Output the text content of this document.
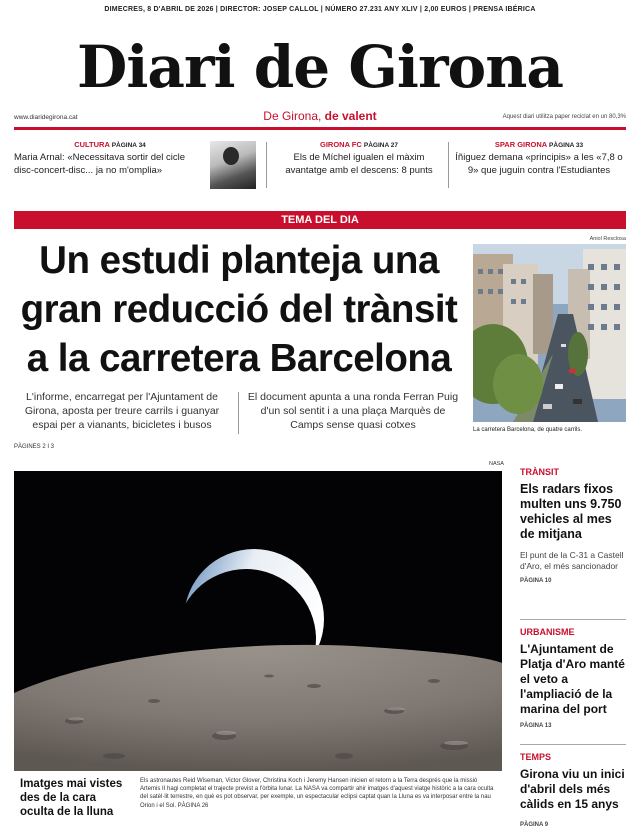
DIMECRES, 8 D'ABRIL DE 2026 | DIRECTOR: JOSEP CALLOL | NÚMERO 27.231 ANY XLIV | 2,00 EUROS | PRENSA IBÉRICA
Diari de Girona
www.diaridegirona.cat	De Girona, de valent	Aquest diari utilitza paper reciclat en un 80,3%
CULTURA PÀGINA 34
Maria Arnal: «Necessitava sortir del cicle disc-concert-disc... ja no m'omplia»
GIRONA FC PÀGINA 27
Els de Míchel igualen el màxim avantatge amb el descens: 8 punts
SPAR GIRONA PÀGINA 33
Íñiguez demana «principis» a les «7,8 o 9» que juguin contra l'Estudiantes
TEMA DEL DIA
Un estudi planteja una gran reducció del trànsit a la carretera Barcelona
Aniol Resclosa
La carretera Barcelona, de quatre carrils.
L'informe, encarregat per l'Ajuntament de Girona, aposta per treure carrils i guanyar espai per a vianants, bicicletes i busos
El document apunta a una ronda Ferran Puig d'un sol sentit i a una plaça Marquès de Camps sense quasi cotxes
PÀGINES 2 I 3
NASA
Imatges mai vistes des de la cara oculta de la lluna
Els astronautes Reid Wiseman, Victor Glover, Christina Koch i Jeremy Hansen inicien el retorn a la Terra després que la missió Artemis II hagi completat el trajecte previst a l'òrbita lunar. La NASA va compartir ahir imatges d'aquest viatge històric a la cara oculta del satèl·lit terrestre, en què es pot observar, per exemple, un espectacular eclipsi captat quan la Lluna es va interposar entre la nau Orion i el Sol. PÀGINA 26
TRÀNSIT
Els radars fixos multen uns 9.750 vehicles al mes de mitjana
El punt de la C-31 a Castell d'Aro, el més sancionador
PÀGINA 10
URBANISME
L'Ajuntament de Platja d'Aro manté el veto a l'ampliació de la marina del port
PÀGINA 13
TEMPS
Girona viu un inici d'abril dels més càlids en 15 anys
PÀGINA 9
